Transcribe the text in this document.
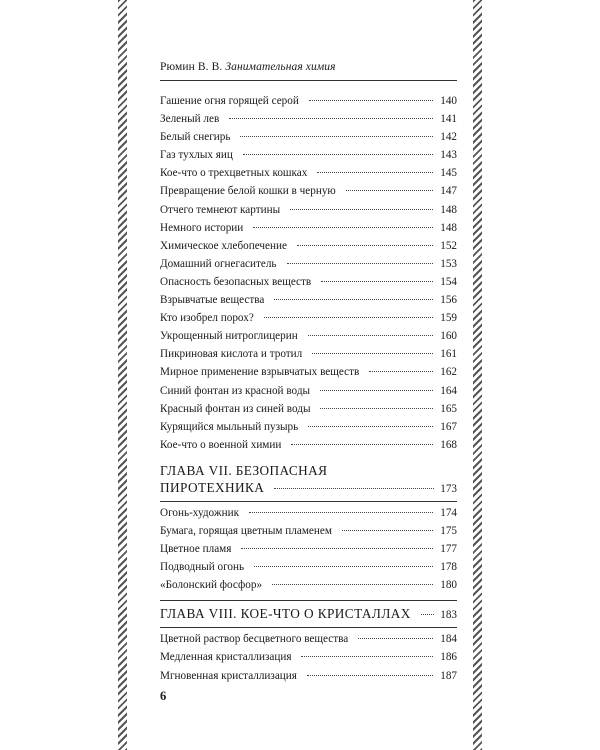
Рюмин В. В. Занимательная химия
Гашение огня горящей серой	140
Зеленый лев	141
Белый снегирь	142
Газ тухлых яиц	143
Кое-что о трехцветных кошках	145
Превращение белой кошки в черную	147
Отчего темнеют картины	148
Немного истории	148
Химическое хлебопечение	152
Домашний огнегаситель	153
Опасность безопасных веществ	154
Взрывчатые вещества	156
Кто изобрел порох?	159
Укрощенный нитроглицерин	160
Пикриновая кислота и тротил	161
Мирное применение взрывчатых веществ	162
Синий фонтан из красной воды	164
Красный фонтан из синей воды	165
Курящийся мыльный пузырь	167
Кое-что о военной химии	168
ГЛАВА VII. БЕЗОПАСНАЯ
ПИРОТЕХНИКА	173
Огонь-художник	174
Бумага, горящая цветным пламенем	175
Цветное пламя	177
Подводный огонь	178
«Болонский фосфор»	180
ГЛАВА VIII. КОЕ-ЧТО О КРИСТАЛЛАХ	183
Цветной раствор бесцветного вещества	184
Медленная кристаллизация	186
Мгновенная кристаллизация	187
6
